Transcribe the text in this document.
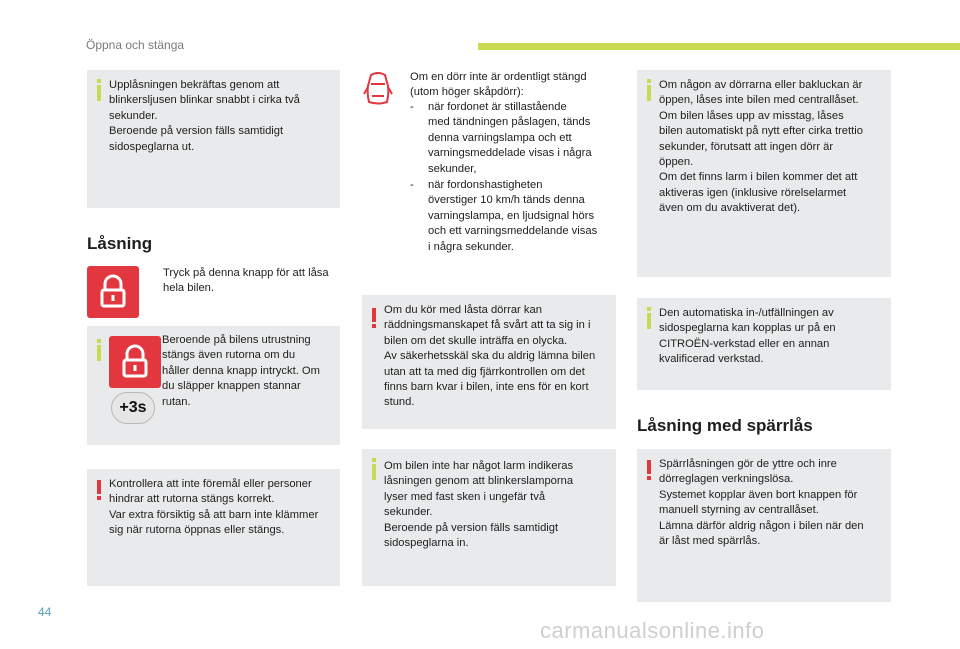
Öppna och stänga

Upplåsningen bekräftas genom att

blinkersljusen blinkar snabbt i cirka två

sekunder.

Beroende på version fälls samtidigt

sidospeglarna ut.

Låsning

Tryck på denna knapp för att låsa

hela bilen.

+3s

Beroende på bilens utrustning

stängs även rutorna om du

håller denna knapp intryckt. Om

du släpper knappen stannar

rutan.

Kontrollera att inte föremål eller personer

hindrar att rutorna stängs korrekt.

Var extra försiktig så att barn inte klämmer

sig när rutorna öppnas eller stängs.

Om en dörr inte är ordentligt stängd

(utom höger skåpdörr):

- när fordonet är stillastående

med tändningen påslagen, tänds

denna varningslampa och ett

varningsmeddelade visas i några

sekunder,

- när fordonshastigheten

överstiger 10 km/h tänds denna

varningslampa, en ljudsignal hörs

och ett varningsmeddelande visas

i några sekunder.

Om du kör med låsta dörrar kan

räddningsmanskapet få svårt att ta sig in i

bilen om det skulle inträffa en olycka.

Av säkerhetsskäl ska du aldrig lämna bilen

utan att ta med dig fjärrkontrollen om det

finns barn kvar i bilen, inte ens för en kort

stund.

Om bilen inte har något larm indikeras

låsningen genom att blinkerslamporna

lyser med fast sken i ungefär två

sekunder.

Beroende på version fälls samtidigt

sidospeglarna in.

Om någon av dörrarna eller bakluckan är

öppen, låses inte bilen med centrallåset.

Om bilen låses upp av misstag, låses

bilen automatiskt på nytt efter cirka trettio

sekunder, förutsatt att ingen dörr är

öppen.

Om det finns larm i bilen kommer det att

aktiveras igen (inklusive rörelselarmet

även om du avaktiverat det).

Den automatiska in-/utfällningen av

sidospeglarna kan kopplas ur på en

CITROËN-verkstad eller en annan

kvalificerad verkstad.

Låsning med spärrlås

Spärrlåsningen gör de yttre och inre

dörreglagen verkningslösa.

Systemet kopplar även bort knappen för

manuell styrning av centrallåset.

Lämna därför aldrig någon i bilen när den

är låst med spärrlås.

44
carmanualsonline.info
